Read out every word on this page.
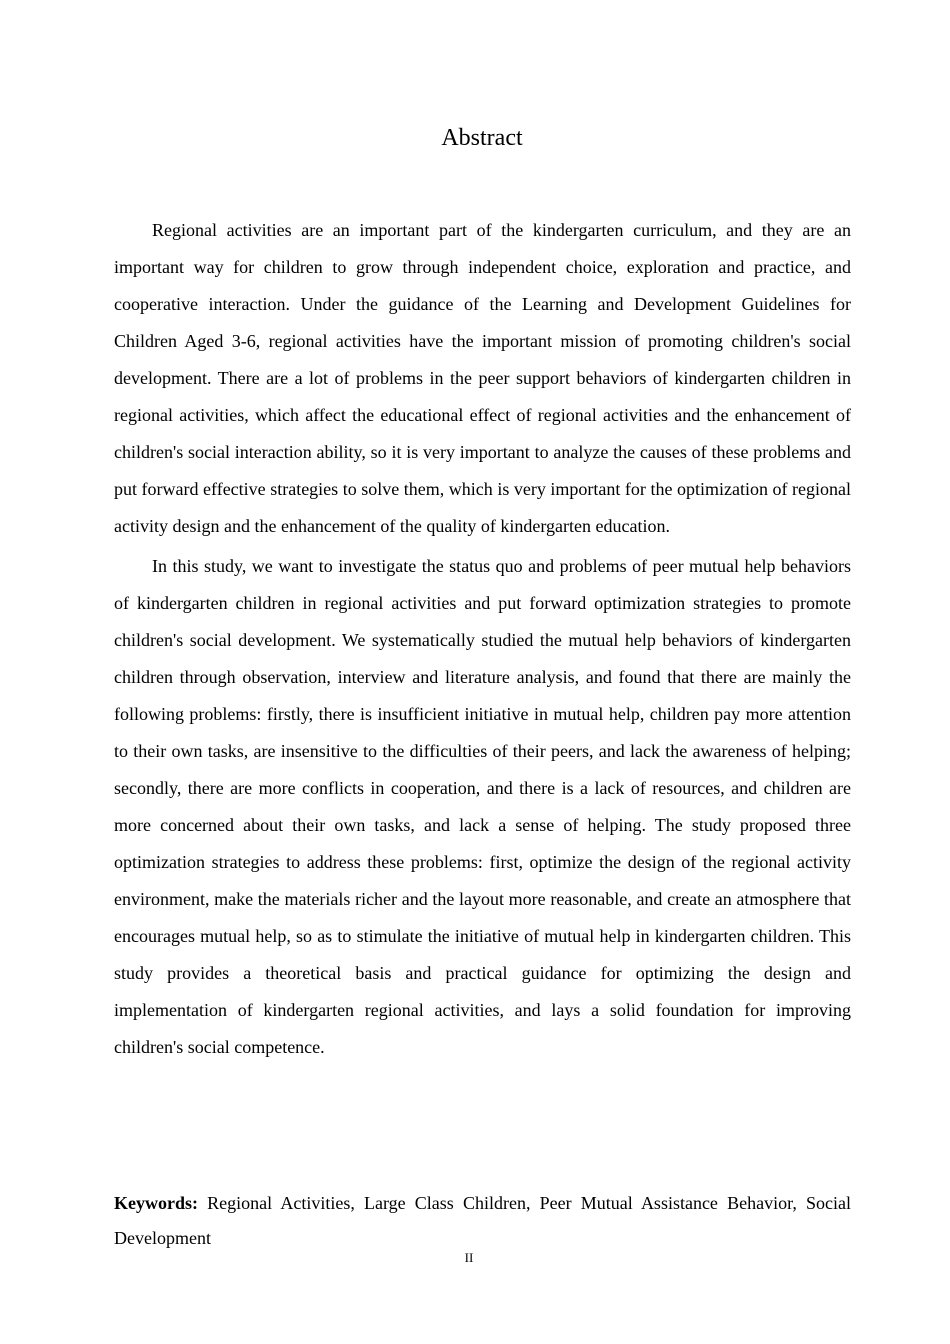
Abstract

Regional activities are an important part of the kindergarten curriculum, and they are an important way for children to grow through independent choice, exploration and practice, and cooperative interaction. Under the guidance of the Learning and Development Guidelines for Children Aged 3-6, regional activities have the important mission of promoting children's social development. There are a lot of problems in the peer support behaviors of kindergarten children in regional activities, which affect the educational effect of regional activities and the enhancement of children's social interaction ability, so it is very important to analyze the causes of these problems and put forward effective strategies to solve them, which is very important for the optimization of regional activity design and the enhancement of the quality of kindergarten education.

In this study, we want to investigate the status quo and problems of peer mutual help behaviors of kindergarten children in regional activities and put forward optimization strategies to promote children's social development. We systematically studied the mutual help behaviors of kindergarten children through observation, interview and literature analysis, and found that there are mainly the following problems: firstly, there is insufficient initiative in mutual help, children pay more attention to their own tasks, are insensitive to the difficulties of their peers, and lack the awareness of helping; secondly, there are more conflicts in cooperation, and there is a lack of resources, and children are more concerned about their own tasks, and lack a sense of helping. The study proposed three optimization strategies to address these problems: first, optimize the design of the regional activity environment, make the materials richer and the layout more reasonable, and create an atmosphere that encourages mutual help, so as to stimulate the initiative of mutual help in kindergarten children. This study provides a theoretical basis and practical guidance for optimizing the design and implementation of kindergarten regional activities, and lays a solid foundation for improving children's social competence.

Keywords: Regional Activities, Large Class Children, Peer Mutual Assistance Behavior, Social Development

II
